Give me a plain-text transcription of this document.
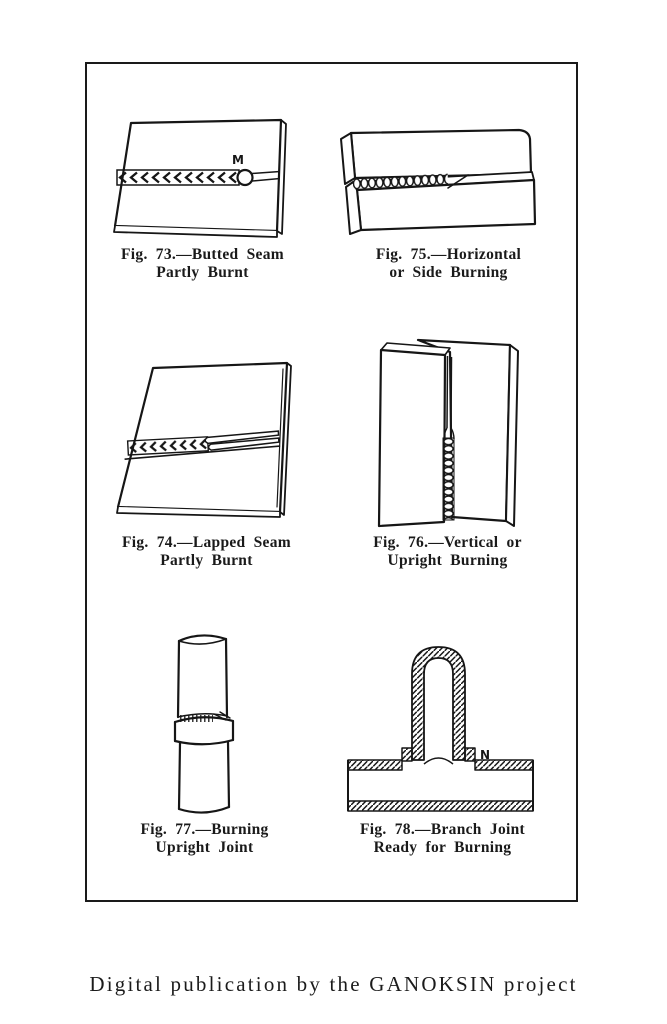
M
Fig. 73.—Butted Seam
Partly Burnt
Fig. 75.—Horizontal
or Side Burning
Fig. 74.—Lapped Seam
Partly Burnt
Fig. 76.—Vertical or
Upright Burning
Fig. 77.—Burning
Upright Joint
N
Fig. 78.—Branch Joint
Ready for Burning
Digital publication by the GANOKSIN project
